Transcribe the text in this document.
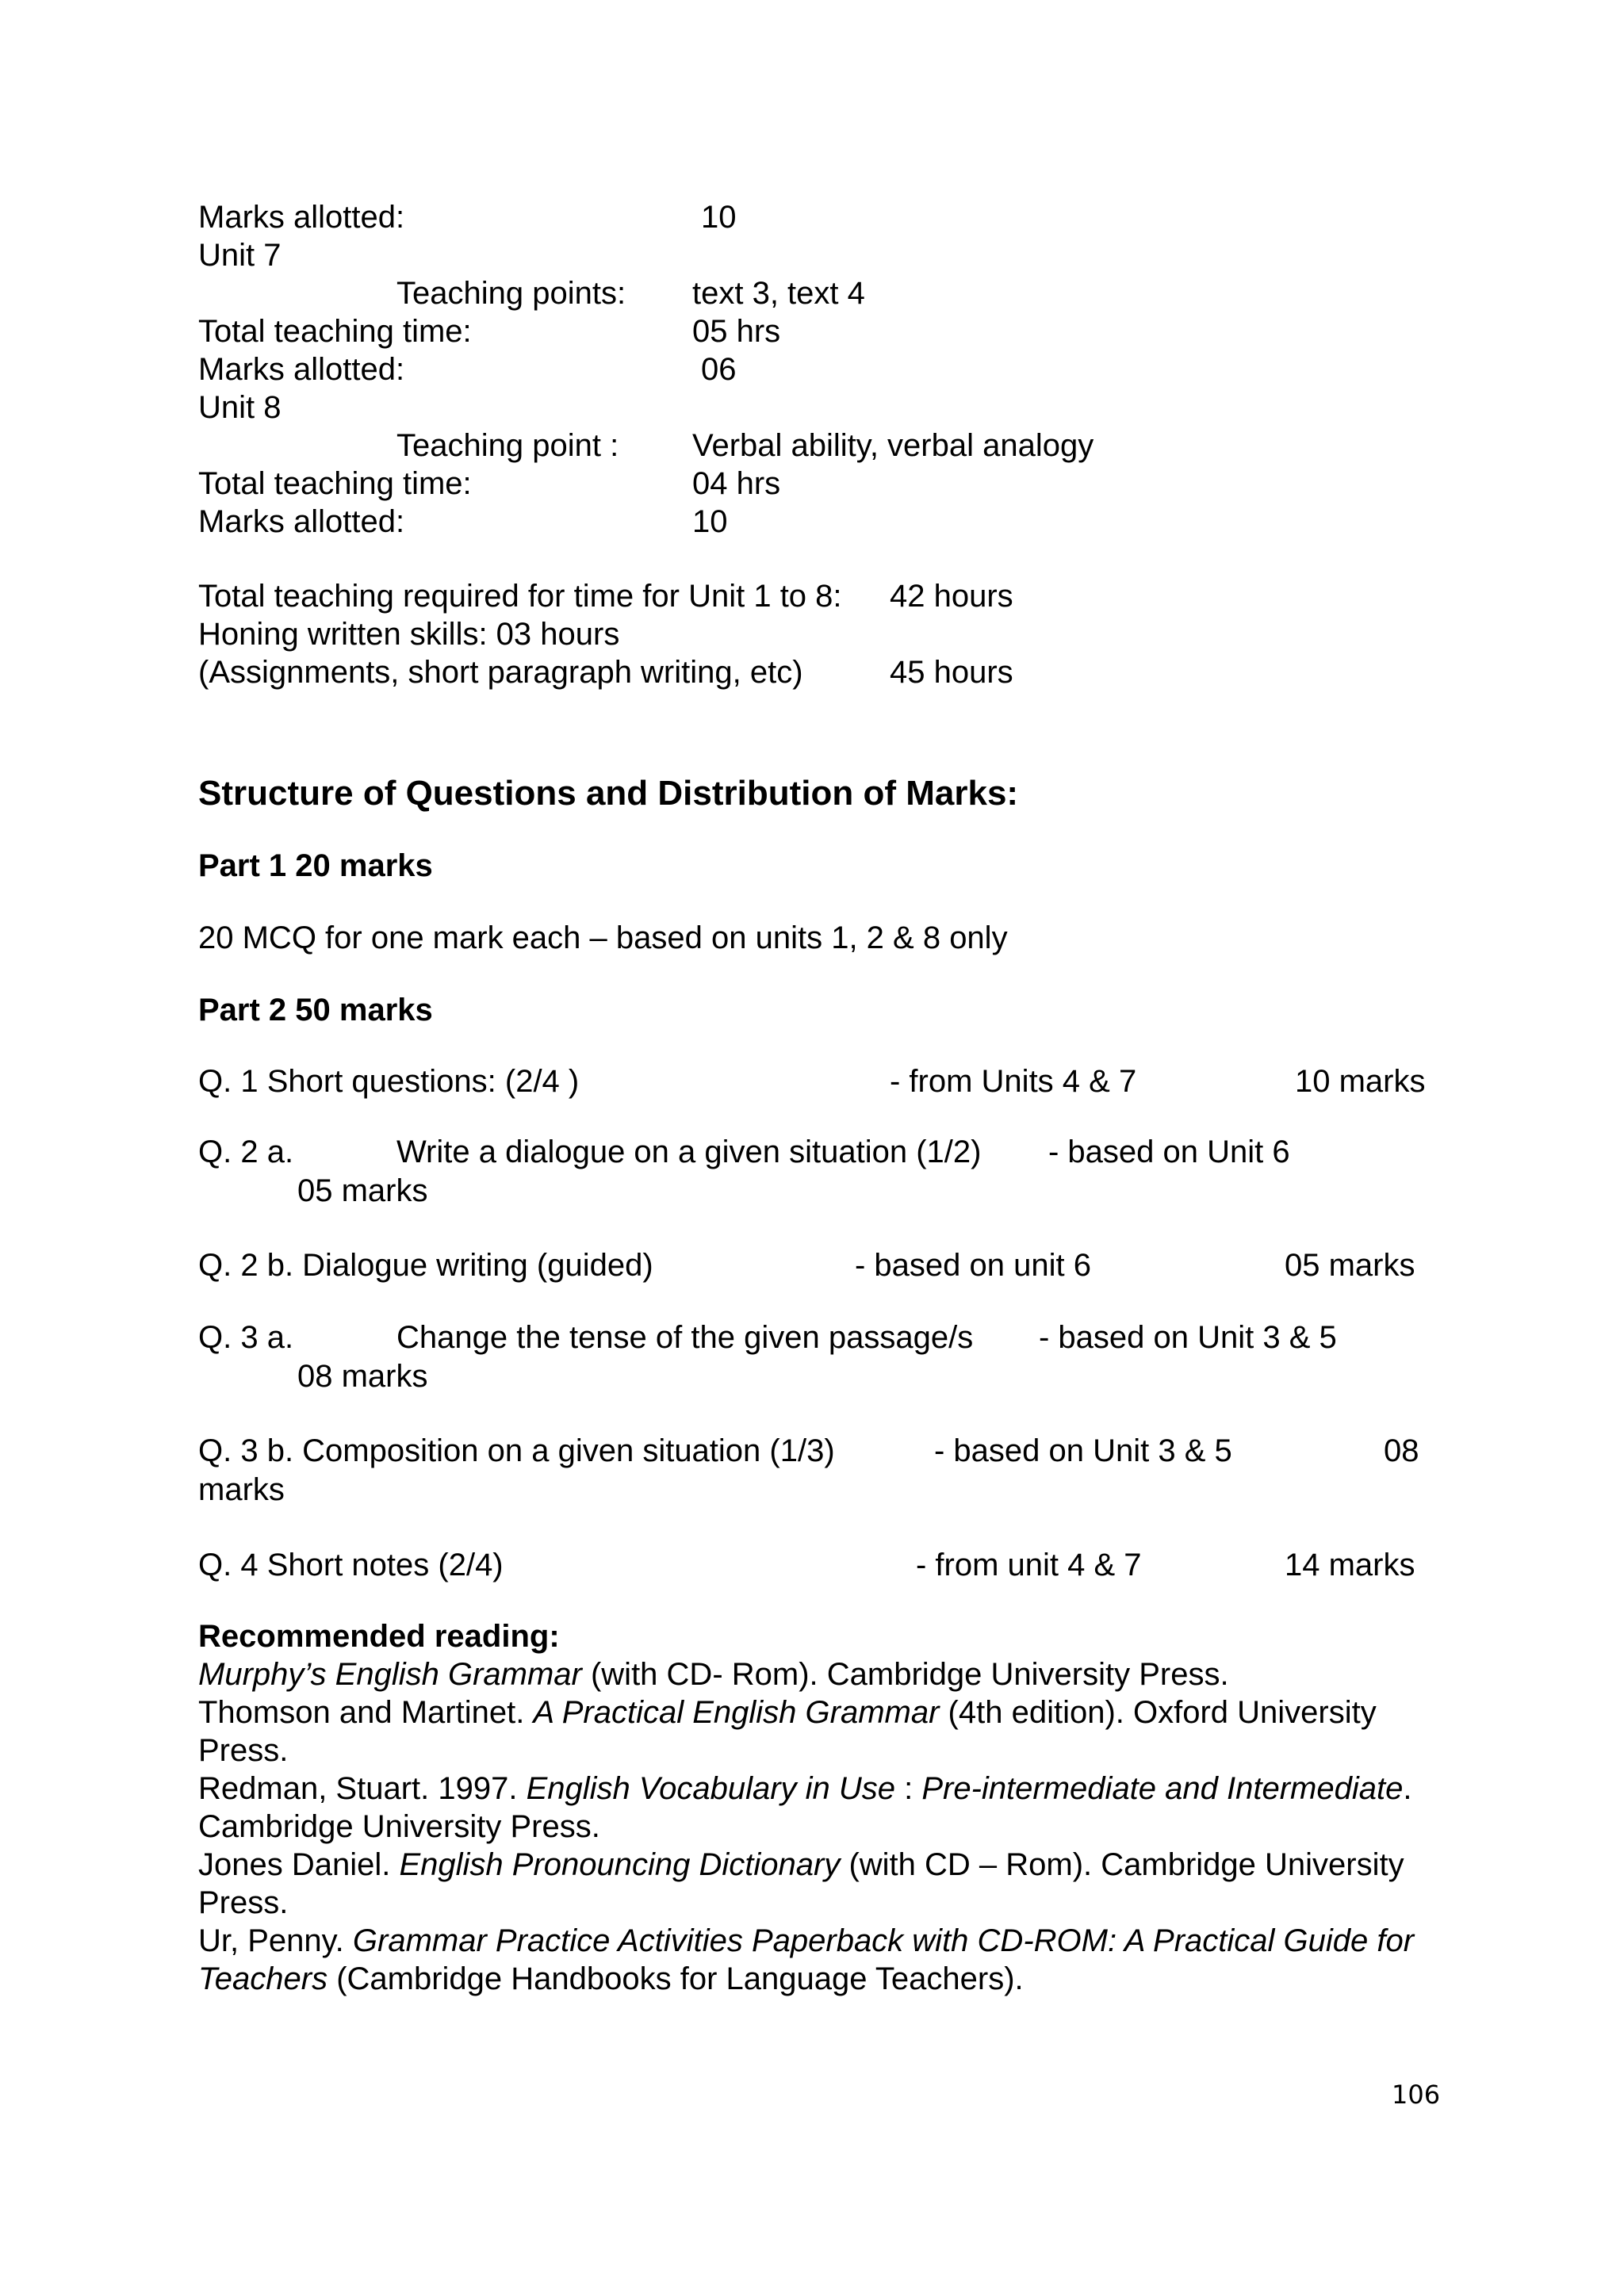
Marks allotted:	10
Unit 7
Teaching points: text 3, text 4
Total teaching time:	05 hrs
Marks allotted:	06
Unit 8
Teaching point : Verbal ability, verbal analogy
Total teaching time:	04 hrs
Marks allotted:	10
Total teaching required for time for Unit 1 to 8: 42 hours
Honing written skills: 03 hours
(Assignments, short paragraph writing, etc)	45 hours
Structure of Questions and Distribution of Marks:
Part 1 20 marks
20 MCQ for one mark each – based on units 1, 2 & 8 only
Part 2 50 marks
Q. 1 Short questions: (2/4 )	- from Units 4 & 7	10 marks
Q. 2 a.	Write a dialogue on a given situation (1/2) - based on Unit 6
05 marks
Q. 2 b. Dialogue writing (guided)	- based on unit 6	05 marks
Q. 3 a.	Change the tense of the given passage/s - based on Unit 3 & 5
08 marks
Q. 3 b. Composition on a given situation (1/3)	- based on Unit 3 & 5	08
marks
Q. 4 Short notes (2/4)	- from unit 4 & 7	14 marks
Recommended reading:
Murphy’s English Grammar (with CD- Rom). Cambridge University Press.
Thomson and Martinet. A Practical English Grammar (4th edition). Oxford University Press.
Redman, Stuart. 1997. English Vocabulary in Use : Pre-intermediate and Intermediate. Cambridge University Press.
Jones Daniel. English Pronouncing Dictionary (with CD – Rom). Cambridge University Press.
Ur, Penny. Grammar Practice Activities Paperback with CD-ROM: A Practical Guide for Teachers (Cambridge Handbooks for Language Teachers).
106
